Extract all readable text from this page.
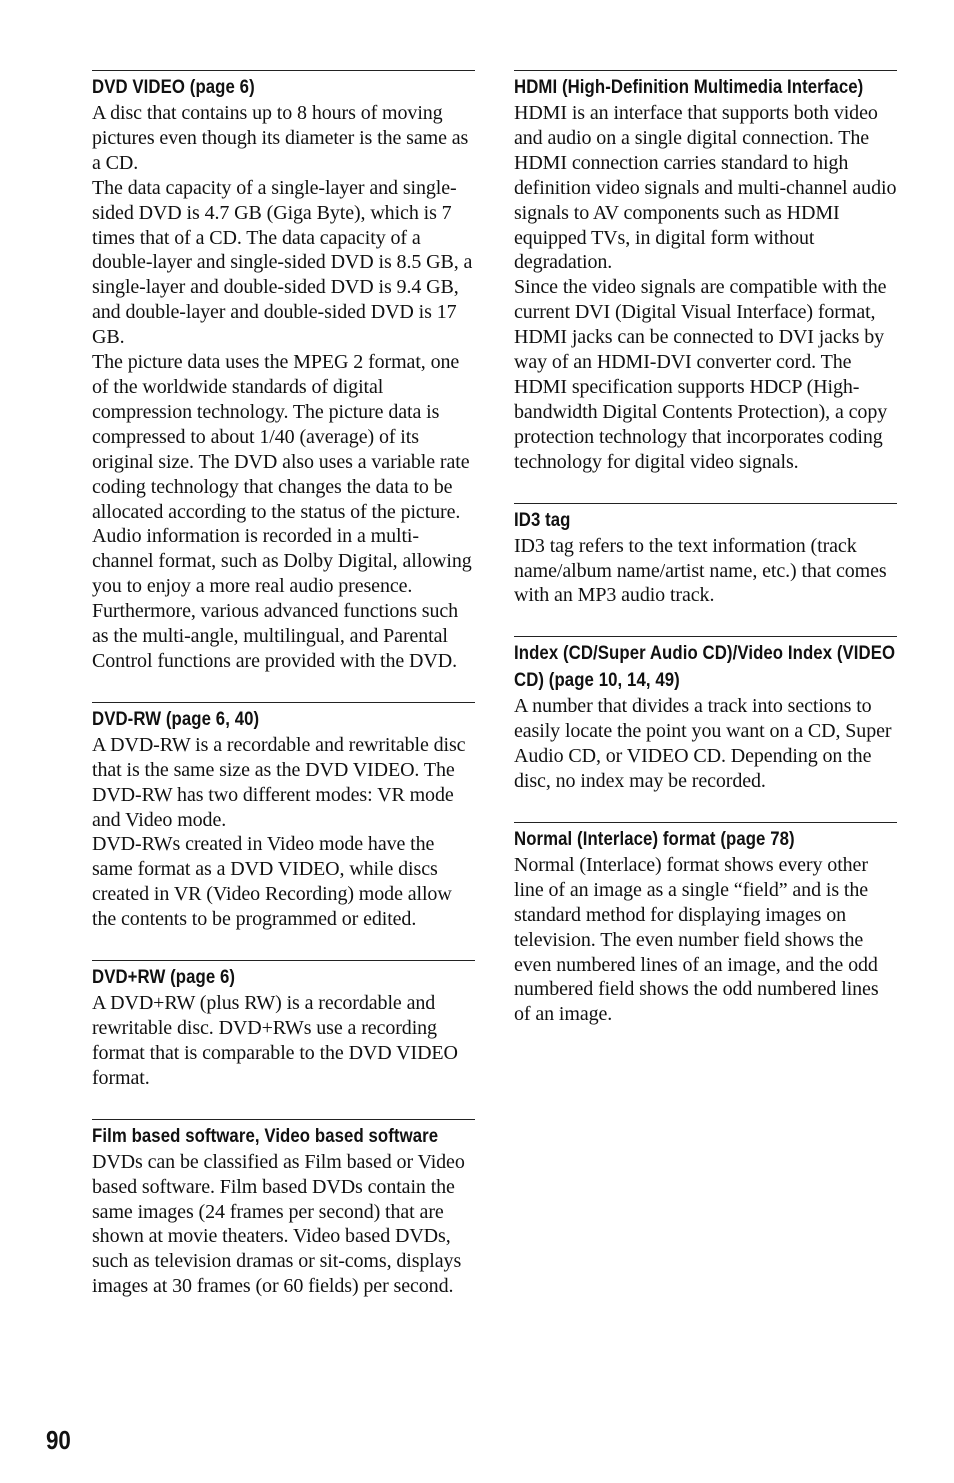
DVD VIDEO (page 6)

A disc that contains up to 8 hours of moving pictures even though its diameter is the same as a CD.

The data capacity of a single-layer and single-sided DVD is 4.7 GB (Giga Byte), which is 7 times that of a CD. The data capacity of a double-layer and single-sided DVD is 8.5 GB, a single-layer and double-sided DVD is 9.4 GB, and double-layer and double-sided DVD is 17 GB.

The picture data uses the MPEG 2 format, one of the worldwide standards of digital compression technology. The picture data is compressed to about 1/40 (average) of its original size. The DVD also uses a variable rate coding technology that changes the data to be allocated according to the status of the picture. Audio information is recorded in a multi-channel format, such as Dolby Digital, allowing you to enjoy a more real audio presence.

Furthermore, various advanced functions such as the multi-angle, multilingual, and Parental Control functions are provided with the DVD.

DVD-RW (page 6, 40)

A DVD-RW is a recordable and rewritable disc that is the same size as the DVD VIDEO. The DVD-RW has two different modes: VR mode and Video mode.

DVD-RWs created in Video mode have the same format as a DVD VIDEO, while discs created in VR (Video Recording) mode allow the contents to be programmed or edited.

DVD+RW (page 6)

A DVD+RW (plus RW) is a recordable and rewritable disc. DVD+RWs use a recording format that is comparable to the DVD VIDEO format.

Film based software, Video based software

DVDs can be classified as Film based or Video based software. Film based DVDs contain the same images (24 frames per second) that are shown at movie theaters. Video based DVDs, such as television dramas or sit-coms, displays images at 30 frames (or 60 fields) per second.

HDMI (High-Definition Multimedia Interface)

HDMI is an interface that supports both video and audio on a single digital connection. The HDMI connection carries standard to high definition video signals and multi-channel audio signals to AV components such as HDMI equipped TVs, in digital form without degradation.

Since the video signals are compatible with the current DVI (Digital Visual Interface) format, HDMI jacks can be connected to DVI jacks by way of an HDMI-DVI converter cord. The HDMI specification supports HDCP (High-bandwidth Digital Contents Protection), a copy protection technology that incorporates coding technology for digital video signals.

ID3 tag

ID3 tag refers to the text information (track name/album name/artist name, etc.) that comes with an MP3 audio track.

Index (CD/Super Audio CD)/Video Index (VIDEO CD) (page 10, 14, 49)

A number that divides a track into sections to easily locate the point you want on a CD, Super Audio CD, or VIDEO CD. Depending on the disc, no index may be recorded.

Normal (Interlace) format (page 78)

Normal (Interlace) format shows every other line of an image as a single “field” and is the standard method for displaying images on television. The even number field shows the even numbered lines of an image, and the odd numbered field shows the odd numbered lines of an image.

90
